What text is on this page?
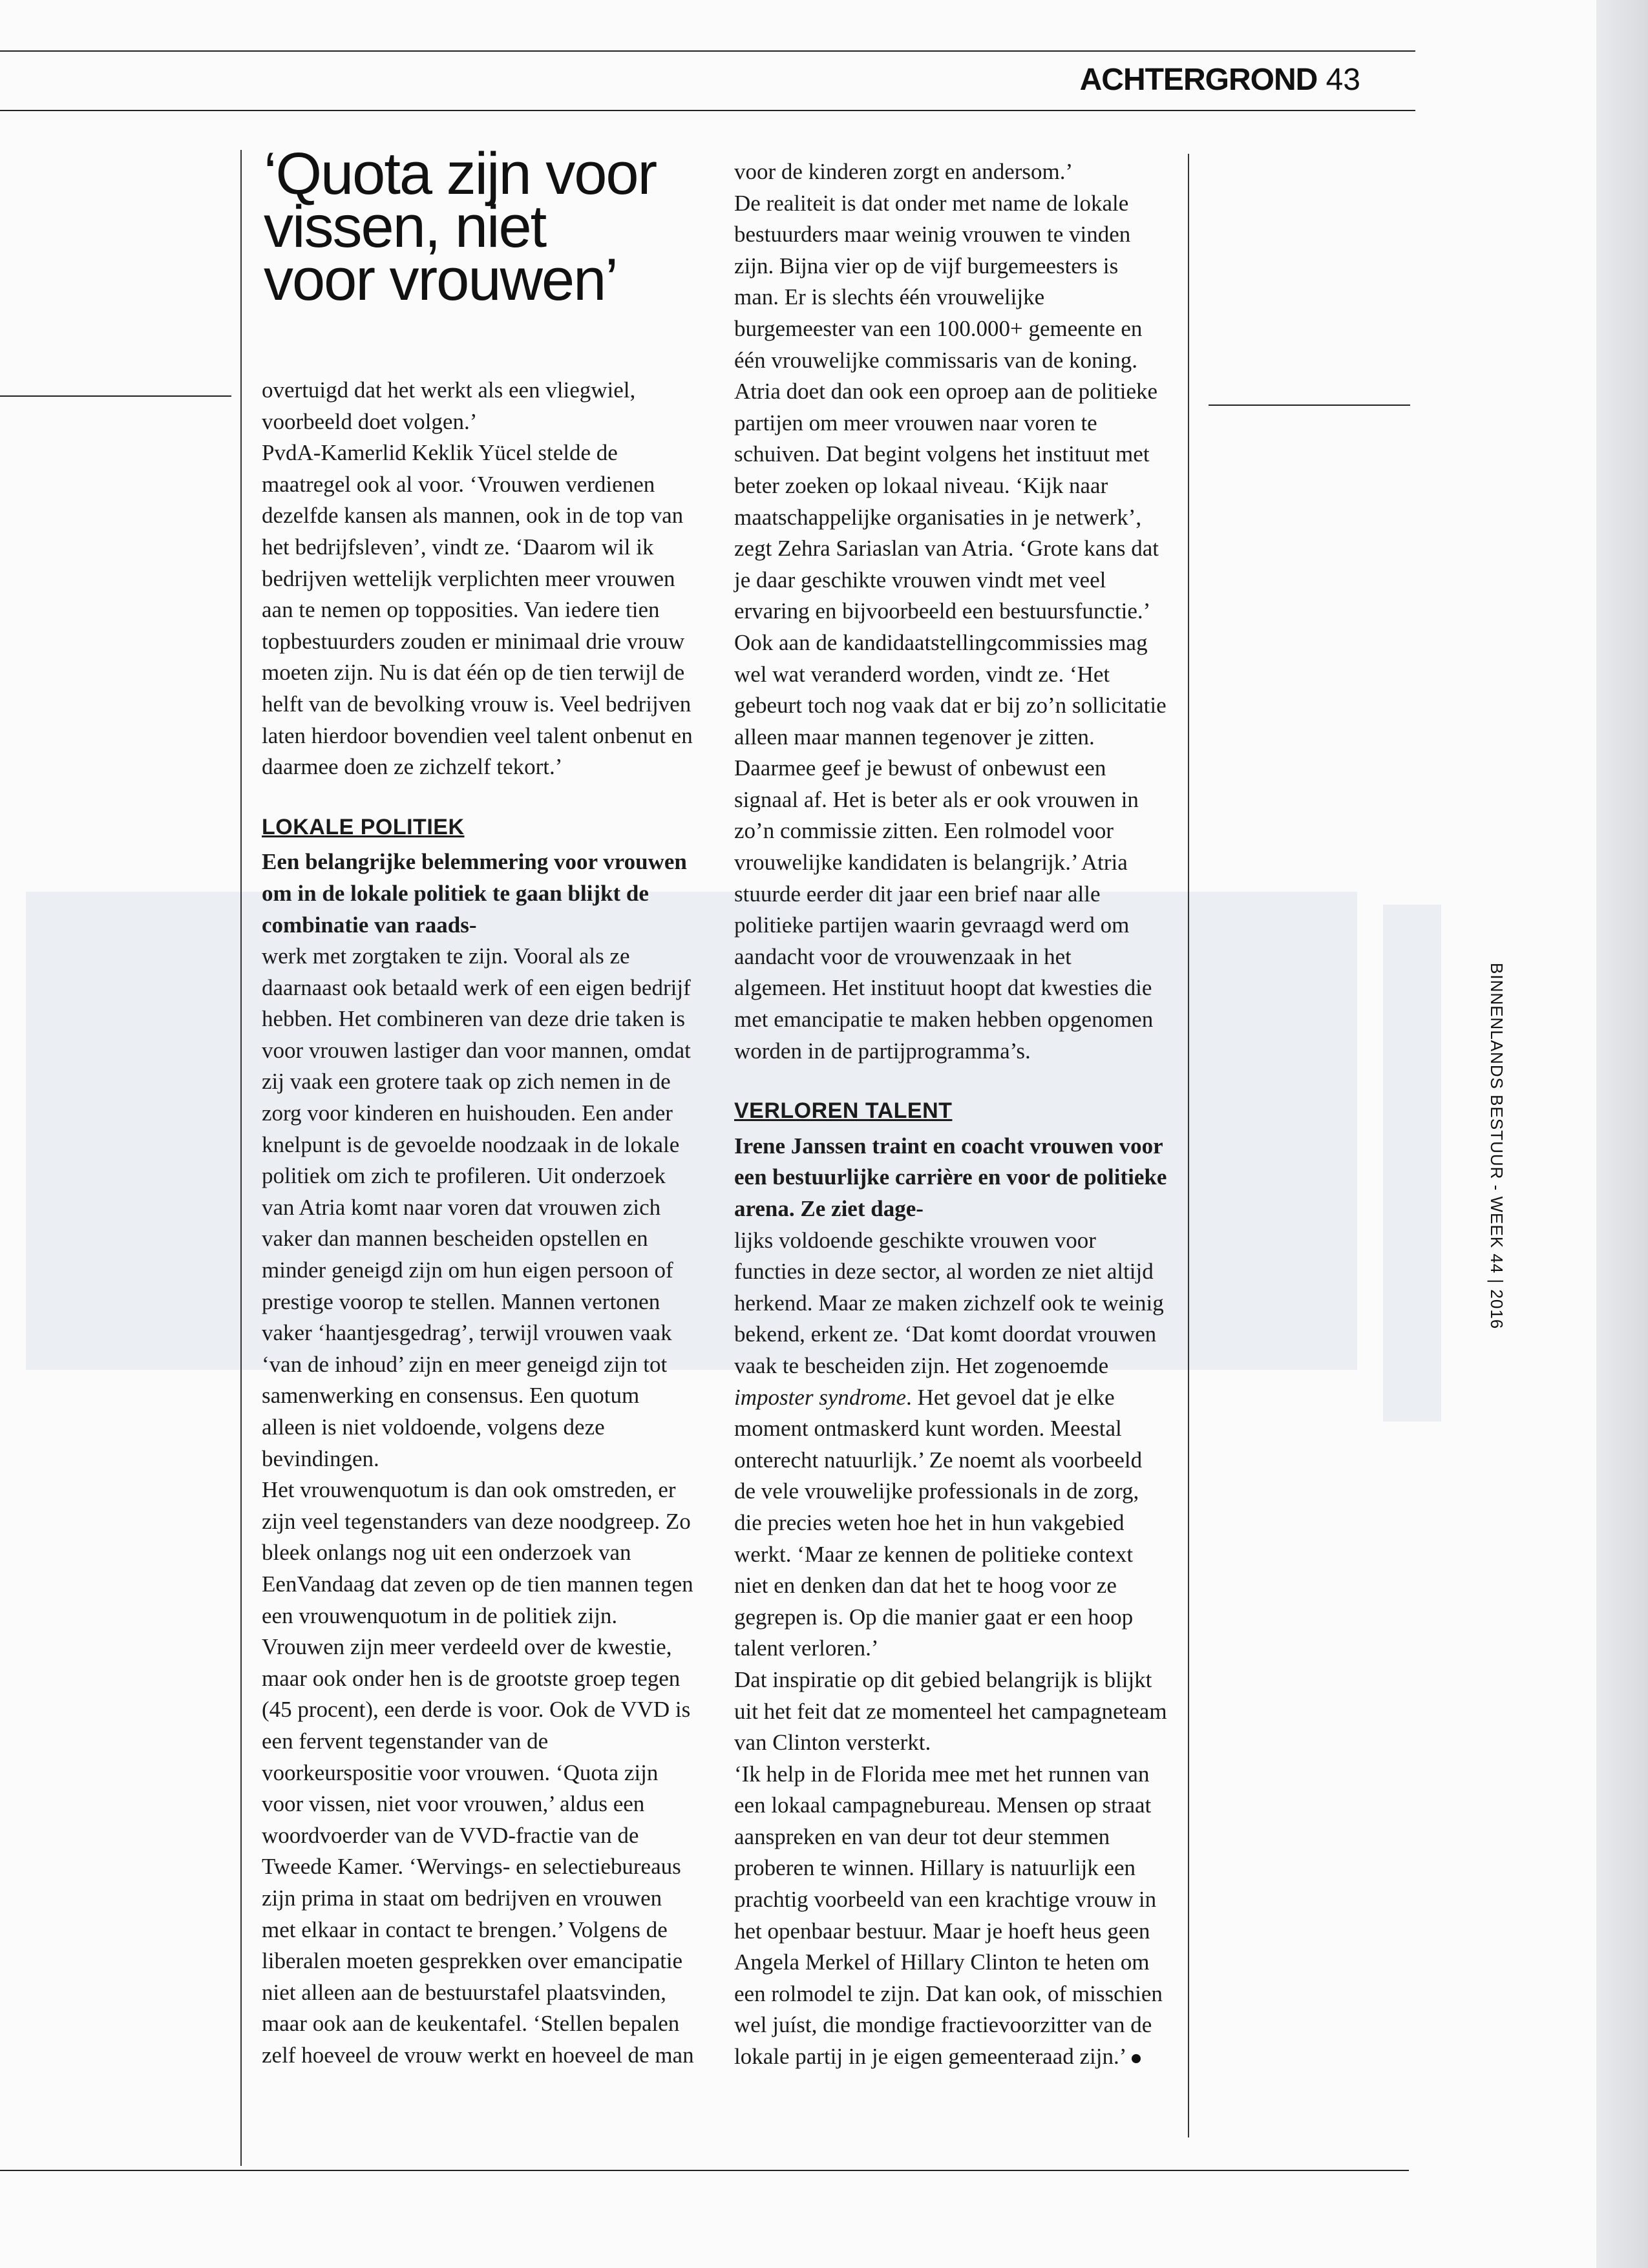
ACHTERGROND 43
‘Quota zijn voor
vissen, niet
voor vrouwen’

overtuigd dat het werkt als een vliegwiel, voorbeeld doet volgen.’

PvdA-Kamerlid Keklik Yücel stelde de maatregel ook al voor. ‘Vrouwen verdienen dezelfde kansen als mannen, ook in de top van het bedrijfsleven’, vindt ze. ‘Daarom wil ik bedrijven wettelijk verplichten meer vrouwen aan te nemen op topposities. Van iedere tien topbestuurders zouden er minimaal drie vrouw moeten zijn. Nu is dat één op de tien terwijl de helft van de bevolking vrouw is. Veel bedrijven laten hierdoor bovendien veel talent onbenut en daarmee doen ze zichzelf tekort.’

LOKALE POLITIEK

Een belangrijke belemmering voor vrouwen om in de lokale politiek te gaan blijkt de combinatie van raads-

werk met zorgtaken te zijn. Vooral als ze daarnaast ook betaald werk of een eigen bedrijf hebben. Het combineren van deze drie taken is voor vrouwen lastiger dan voor mannen, omdat zij vaak een grotere taak op zich nemen in de zorg voor kinderen en huishouden. Een ander knelpunt is de gevoelde noodzaak in de lokale politiek om zich te profileren. Uit onderzoek van Atria komt naar voren dat vrouwen zich vaker dan mannen bescheiden opstellen en minder geneigd zijn om hun eigen persoon of prestige voorop te stellen. Mannen vertonen vaker ‘haantjesgedrag’, terwijl vrouwen vaak ‘van de inhoud’ zijn en meer geneigd zijn tot samenwerking en consensus. Een quotum alleen is niet voldoende, volgens deze bevindingen.

Het vrouwenquotum is dan ook omstreden, er zijn veel tegenstanders van deze noodgreep. Zo bleek onlangs nog uit een onderzoek van EenVandaag dat zeven op de tien mannen tegen een vrouwenquotum in de politiek zijn. Vrouwen zijn meer verdeeld over de kwestie, maar ook onder hen is de grootste groep tegen (45 procent), een derde is voor. Ook de VVD is een fervent tegenstander van de voorkeurspositie voor vrouwen. ‘Quota zijn voor vissen, niet voor vrouwen,’ aldus een woordvoerder van de VVD-fractie van de Tweede Kamer. ‘Wervings- en selectiebureaus zijn prima in staat om bedrijven en vrouwen met elkaar in contact te brengen.’ Volgens de liberalen moeten gesprekken over emancipatie niet alleen aan de bestuurstafel plaatsvinden, maar ook aan de keukentafel. ‘Stellen bepalen zelf hoeveel de vrouw werkt en hoeveel de man

voor de kinderen zorgt en andersom.’

De realiteit is dat onder met name de lokale bestuurders maar weinig vrouwen te vinden zijn. Bijna vier op de vijf burgemeesters is man. Er is slechts één vrouwelijke burgemeester van een 100.000+ gemeente en één vrouwelijke commissaris van de koning.

Atria doet dan ook een oproep aan de politieke partijen om meer vrouwen naar voren te schuiven. Dat begint volgens het instituut met beter zoeken op lokaal niveau. ‘Kijk naar maatschappelijke organisaties in je netwerk’, zegt Zehra Sariaslan van Atria. ‘Grote kans dat je daar geschikte vrouwen vindt met veel ervaring en bijvoorbeeld een bestuursfunctie.’ Ook aan de kandidaatstellingcommissies mag wel wat veranderd worden, vindt ze. ‘Het gebeurt toch nog vaak dat er bij zo’n sollicitatie alleen maar mannen tegenover je zitten. Daarmee geef je bewust of onbewust een signaal af. Het is beter als er ook vrouwen in zo’n commissie zitten. Een rolmodel voor vrouwelijke kandidaten is belangrijk.’ Atria stuurde eerder dit jaar een brief naar alle politieke partijen waarin gevraagd werd om aandacht voor de vrouwenzaak in het algemeen. Het instituut hoopt dat kwesties die met emancipatie te maken hebben opgenomen worden in de partijprogramma’s.

VERLOREN TALENT

Irene Janssen traint en coacht vrouwen voor een bestuurlijke carrière en voor de politieke arena. Ze ziet dage-

lijks voldoende geschikte vrouwen voor functies in deze sector, al worden ze niet altijd herkend. Maar ze maken zichzelf ook te weinig bekend, erkent ze. ‘Dat komt doordat vrouwen vaak te bescheiden zijn. Het zogenoemde imposter syndrome. Het gevoel dat je elke moment ontmaskerd kunt worden. Meestal onterecht natuurlijk.’ Ze noemt als voorbeeld de vele vrouwelijke professionals in de zorg, die precies weten hoe het in hun vakgebied werkt. ‘Maar ze kennen de politieke context niet en denken dan dat het te hoog voor ze gegrepen is. Op die manier gaat er een hoop talent verloren.’

Dat inspiratie op dit gebied belangrijk is blijkt uit het feit dat ze momenteel het campagneteam van Clinton versterkt.

‘Ik help in de Florida mee met het runnen van een lokaal campagnebureau. Mensen op straat aanspreken en van deur tot deur stemmen proberen te winnen. Hillary is natuurlijk een prachtig voorbeeld van een krachtige vrouw in het openbaar bestuur. Maar je hoeft heus geen Angela Merkel of Hillary Clinton te heten om een rolmodel te zijn. Dat kan ook, of misschien wel juíst, die mondige fractievoorzitter van de lokale partij in je eigen gemeenteraad zijn.’

BINNENLANDS BESTUUR - WEEK 44 | 2016
